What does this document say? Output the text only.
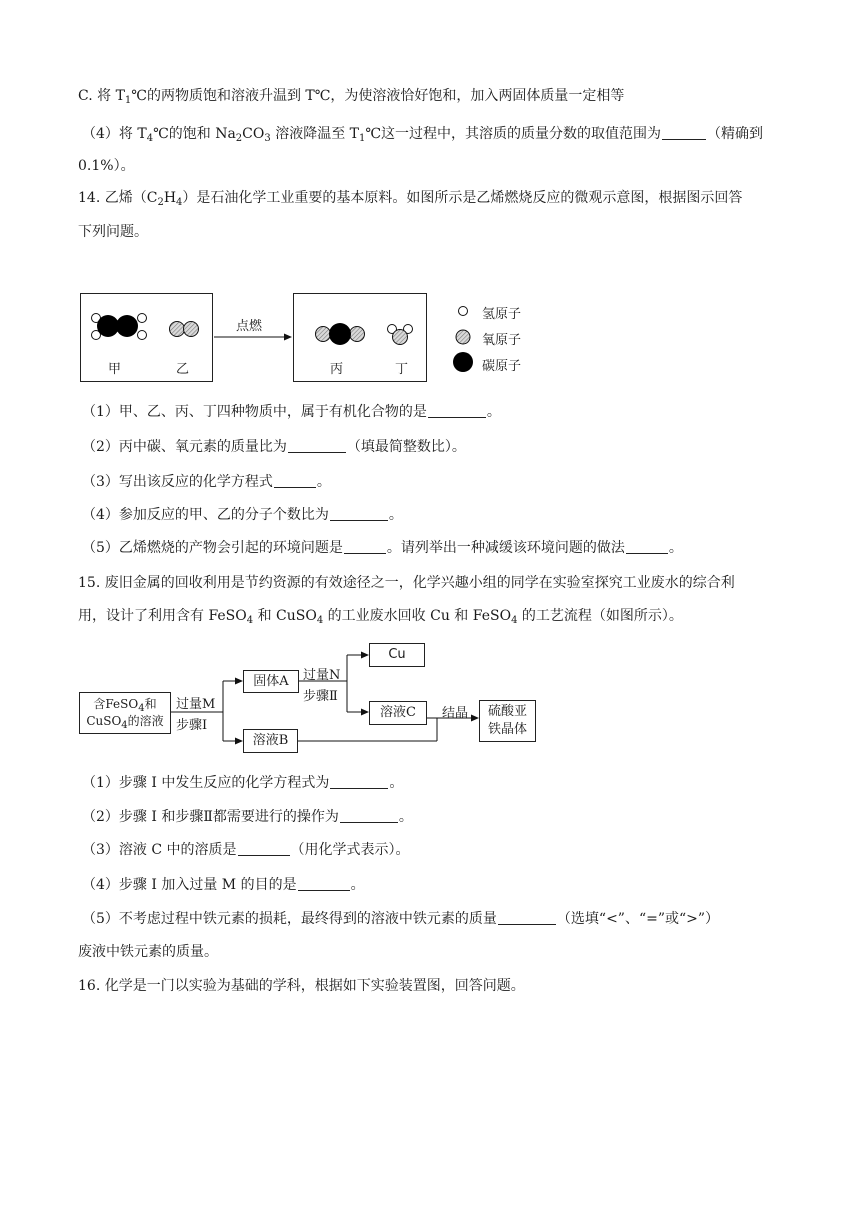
C. 将 $T_1℃$的两物质饱和溶液升温到 T℃，为使溶液恰好饱和，加入两固体质量一定相等
（4）将 $T_4℃$的饱和 $Na_2CO_3$ 溶液降温至 $T_1℃$这一过程中，其溶质的质量分数的取值范围为	（精确到
0.1%）。
14. 乙烯$(C_2H_4)$是石油化学工业重要的基本原料。如图所示是乙烯燃烧反应的微观示意图，根据图示回答
下列问题。
甲	乙	丙	丁
点燃
氢原子
氧原子
碳原子
（1）甲、乙、丙、丁四种物质中，属于有机化合物的是	。
（2）丙中碳、氧元素的质量比为	（填最简整数比）。
（3）写出该反应的化学方程式	。
（4）参加反应的甲、乙的分子个数比为	。
（5）乙烯燃烧的产物会引起的环境问题是	。请列举出一种减缓该环境问题的做法	。
15. 废旧金属的回收利用是节约资源的有效途径之一，化学兴趣小组的同学在实验室探究工业废水的综合利
用，设计了利用含有 FeSO$_4$ 和 CuSO$_4$ 的工业废水回收 Cu 和 FeSO$_4$ 的工艺流程（如图所示）。
含FeSO$_4$和
CuSO$_4$的溶液
过量M
步骤Ⅰ
固体A	过量N
步骤Ⅱ
Cu
溶液C
溶液B
结晶	硫酸亚
铁晶体
（1）步骤 I 中发生反应的化学方程式为	。
（2）步骤 I 和步骤Ⅱ都需要进行的操作为	。
（3）溶液 C 中的溶质是	（用化学式表示）。
（4）步骤 I 加入过量 M 的目的是	。
（5）不考虑过程中铁元素的损耗，最终得到的溶液中铁元素的质量	（选填“<”、“=”或“>”）
废液中铁元素的质量。
16. 化学是一门以实验为基础的学科，根据如下实验装置图，回答问题。
